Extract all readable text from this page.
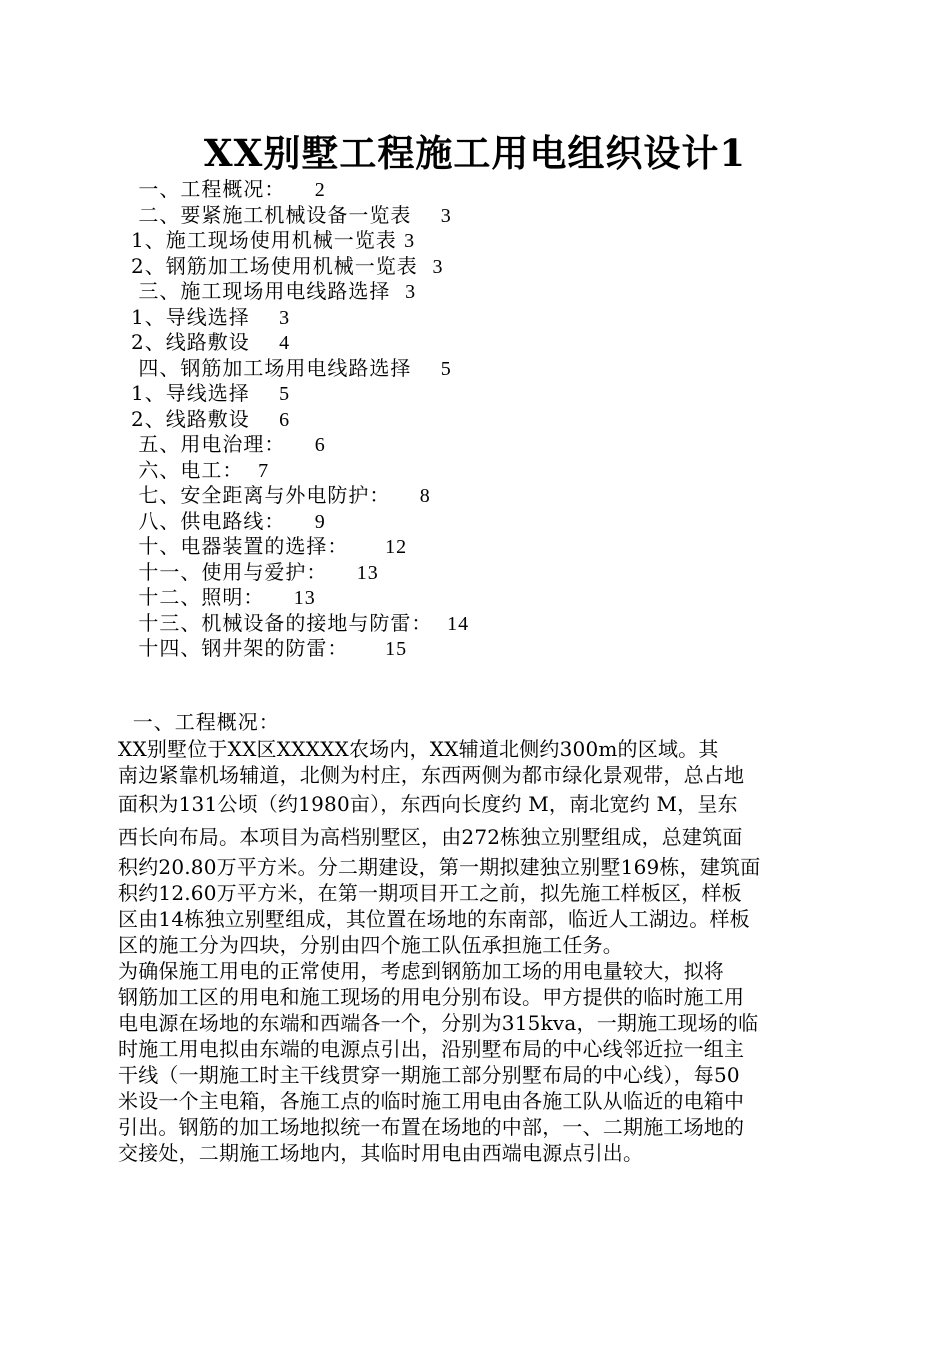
XX别墅工程施工用电组织设计1
一、工程概况：    2
二、要紧施工机械设备一览表    3
1、施工现场使用机械一览表 3
2、钢筋加工场使用机械一览表  3
三、施工现场用电线路选择  3
1、导线选择    3
2、线路敷设    4
四、钢筋加工场用电线路选择    5
1、导线选择    5
2、线路敷设    6
五、用电治理：    6
六、电工：  7
七、安全距离与外电防护：    8
八、供电路线：    9
十、电器装置的选择：     12
十一、使用与爱护：    13
十二、照明：    13
十三、机械设备的接地与防雷：  14
十四、钢井架的防雷：     15
一、工程概况：
XX别墅位于XX区XXXXX农场内，XX辅道北侧约300m的区域。其
南边紧靠机场辅道，北侧为村庄，东西两侧为都市绿化景观带，总占地
面积为131公顷（约1980亩），东西向长度约 M，南北宽约 M，呈东
西长向布局。本项目为高档别墅区，由272栋独立别墅组成，总建筑面
积约20.80万平方米。分二期建设，第一期拟建独立别墅169栋，建筑面
积约12.60万平方米，在第一期项目开工之前，拟先施工样板区，样板
区由14栋独立别墅组成，其位置在场地的东南部，临近人工湖边。样板
区的施工分为四块，分别由四个施工队伍承担施工任务。
为确保施工用电的正常使用，考虑到钢筋加工场的用电量较大，拟将
钢筋加工区的用电和施工现场的用电分别布设。甲方提供的临时施工用
电电源在场地的东端和西端各一个，分别为315kva，一期施工现场的临
时施工用电拟由东端的电源点引出，沿别墅布局的中心线邻近拉一组主
干线（一期施工时主干线贯穿一期施工部分别墅布局的中心线），每50
米设一个主电箱，各施工点的临时施工用电由各施工队从临近的电箱中
引出。钢筋的加工场地拟统一布置在场地的中部，一、二期施工场地的
交接处，二期施工场地内，其临时用电由西端电源点引出。
